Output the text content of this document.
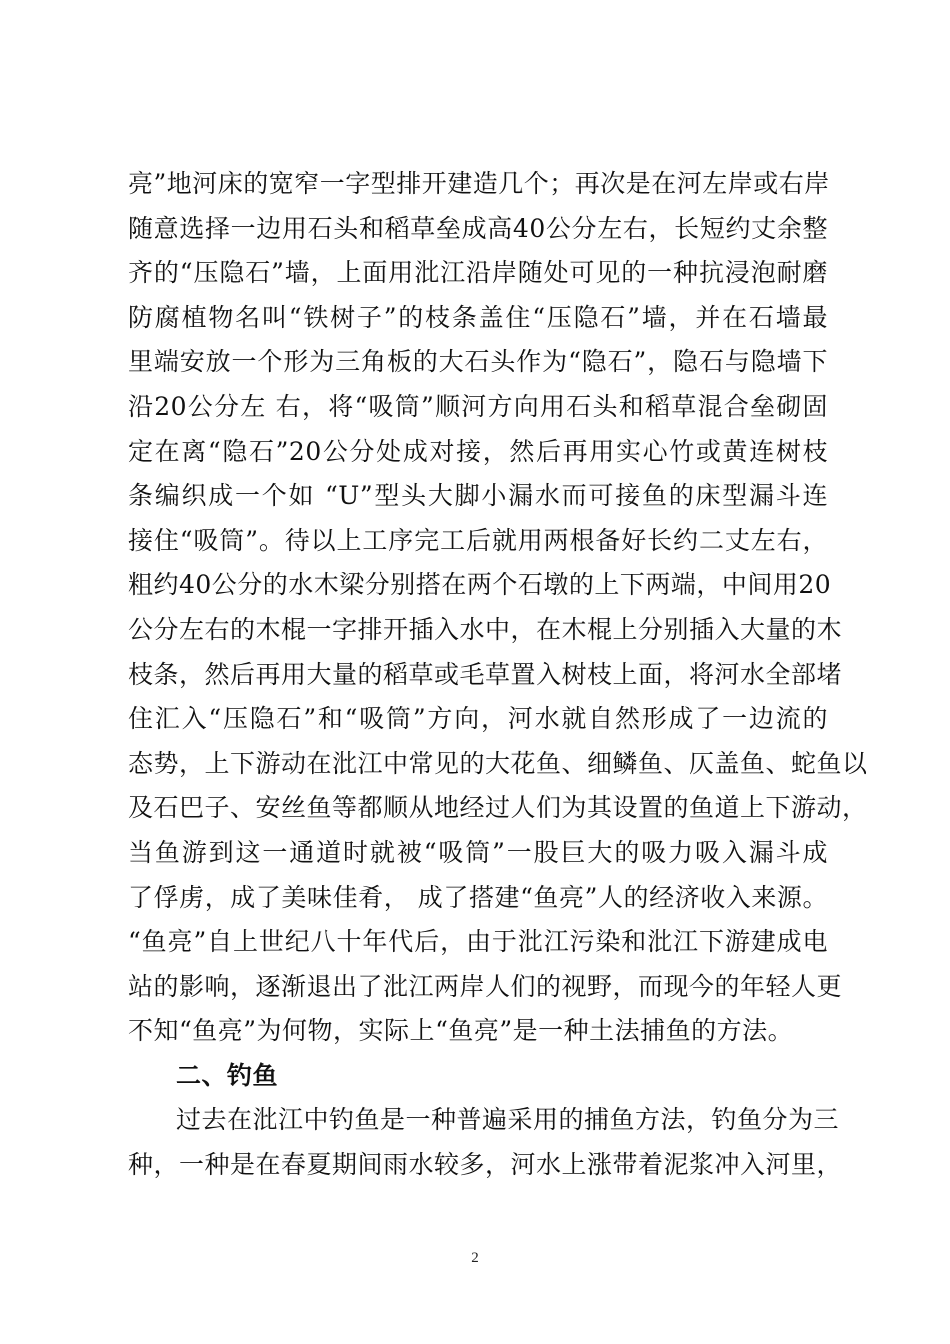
亮”地河床的宽窄一字型排开建造几个；再次是在河左岸或右岸
随意选择一边用石头和稻草垒成高40公分左右，长短约丈余整
齐的“压隐石”墙，上面用沘江沿岸随处可见的一种抗浸泡耐磨
防腐植物名叫“铁树子”的枝条盖住“压隐石”墙，并在石墙最
里端安放一个形为三角板的大石头作为“隐石”，隐石与隐墙下
沿20公分左 右，将“吸筒”顺河方向用石头和稻草混合垒砌固
定在离“隐石”20公分处成对接，然后再用实心竹或黄连树枝
条编织成一个如 “U”型头大脚小漏水而可接鱼的床型漏斗连
接住“吸筒”。待以上工序完工后就用两根备好长约二丈左右，
粗约40公分的水木梁分别搭在两个石墩的上下两端，中间用20
公分左右的木棍一字排开插入水中，在木棍上分别插入大量的木
枝条，然后再用大量的稻草或毛草置入树枝上面，将河水全部堵
住汇入“压隐石”和“吸筒”方向，河水就自然形成了一边流的
态势，上下游动在沘江中常见的大花鱼、细鳞鱼、仄盖鱼、蛇鱼以
及石巴子、安丝鱼等都顺从地经过人们为其设置的鱼道上下游动，
当鱼游到这一通道时就被“吸筒”一股巨大的吸力吸入漏斗成
了俘虏，成了美味佳肴， 成了搭建“鱼亮”人的经济收入来源。
“鱼亮”自上世纪八十年代后，由于沘江污染和沘江下游建成电
站的影响，逐渐退出了沘江两岸人们的视野，而现今的年轻人更
不知“鱼亮”为何物，实际上“鱼亮”是一种土法捕鱼的方法。
二、钓鱼
过去在沘江中钓鱼是一种普遍采用的捕鱼方法，钓鱼分为三
种，一种是在春夏期间雨水较多，河水上涨带着泥浆冲入河里，
2
